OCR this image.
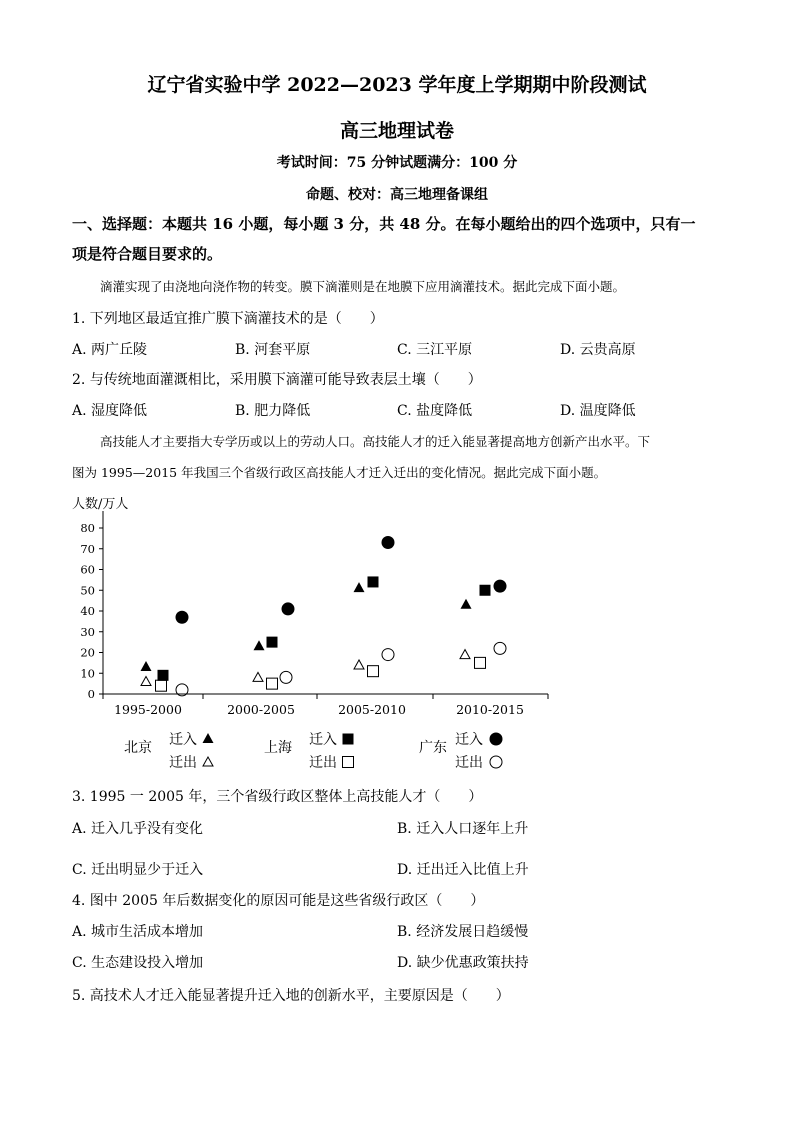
辽宁省实验中学 2022—2023 学年度上学期期中阶段测试
高三地理试卷
考试时间：75 分钟试题满分：100 分
命题、校对：高三地理备课组
一、选择题：本题共 16 小题，每小题 3 分，共 48 分。在每小题给出的四个选项中，只有一
项是符合题目要求的。
滴灌实现了由浇地向浇作物的转变。膜下滴灌则是在地膜下应用滴灌技术。据此完成下面小题。
1. 下列地区最适宜推广膜下滴灌技术的是（　　）
A. 两广丘陵	B. 河套平原	C. 三江平原	D. 云贵高原
2. 与传统地面灌溉相比，采用膜下滴灌可能导致表层土壤（　　）
A. 湿度降低	B. 肥力降低	C. 盐度降低	D. 温度降低
高技能人才主要指大专学历或以上的劳动人口。高技能人才的迁入能显著提高地方创新产出水平。下
图为 1995—2015 年我国三个省级行政区高技能人才迁入迁出的变化情况。据此完成下面小题。
人数/万人
0
10
20
30
40
50
60
70
80
1995-2000	2000-2005	2005-2010	2010-2015
北京 迁入
迁出
上海 迁入
迁出
广东 迁入
迁出
3. 1995 一 2005 年，三个省级行政区整体上高技能人才（　　）
A. 迁入几乎没有变化	B. 迁入人口逐年上升
C. 迁出明显少于迁入	D. 迁出迁入比值上升
4. 图中 2005 年后数据变化的原因可能是这些省级行政区（　　）
A. 城市生活成本增加	B. 经济发展日趋缓慢
C. 生态建设投入增加	D. 缺少优惠政策扶持
5. 高技术人才迁入能显著提升迁入地的创新水平，主要原因是（　　）
